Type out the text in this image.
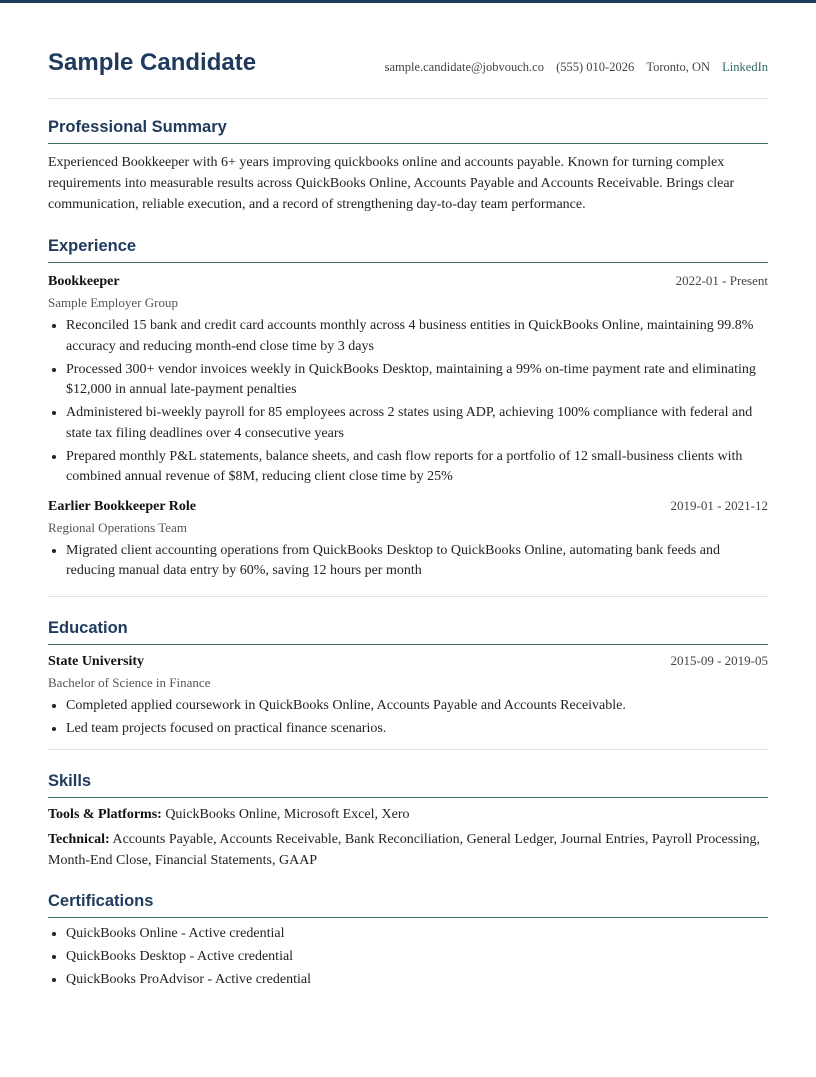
Sample Candidate	sample.candidate@jobvouch.co (555) 010-2026 Toronto, ON LinkedIn
Professional Summary

Experienced Bookkeeper with 6+ years improving quickbooks online and accounts payable. Known for turning complex requirements into measurable results across QuickBooks Online, Accounts Payable and Accounts Receivable. Brings clear communication, reliable execution, and a record of strengthening day-to-day team performance.

Experience
Bookkeeper	2022-01 - Present
Sample Employer Group
• Reconciled 15 bank and credit card accounts monthly across 4 business entities in QuickBooks Online, maintaining 99.8% accuracy and reducing month-end close time by 3 days
• Processed 300+ vendor invoices weekly in QuickBooks Desktop, maintaining a 99% on-time payment rate and eliminating $12,000 in annual late-payment penalties
• Administered bi-weekly payroll for 85 employees across 2 states using ADP, achieving 100% compliance with federal and state tax filing deadlines over 4 consecutive years
• Prepared monthly P&L statements, balance sheets, and cash flow reports for a portfolio of 12 small-business clients with combined annual revenue of $8M, reducing client close time by 25%
Earlier Bookkeeper Role	2019-01 - 2021-12
Regional Operations Team
• Migrated client accounting operations from QuickBooks Desktop to QuickBooks Online, automating bank feeds and reducing manual data entry by 60%, saving 12 hours per month
Education
State University	2015-09 - 2019-05
Bachelor of Science in Finance
• Completed applied coursework in QuickBooks Online, Accounts Payable and Accounts Receivable.
• Led team projects focused on practical finance scenarios.
Skills
Tools & Platforms: QuickBooks Online, Microsoft Excel, Xero
Technical: Accounts Payable, Accounts Receivable, Bank Reconciliation, General Ledger, Journal Entries, Payroll Processing, Month-End Close, Financial Statements, GAAP
Certifications
• QuickBooks Online - Active credential
• QuickBooks Desktop - Active credential
• QuickBooks ProAdvisor - Active credential
